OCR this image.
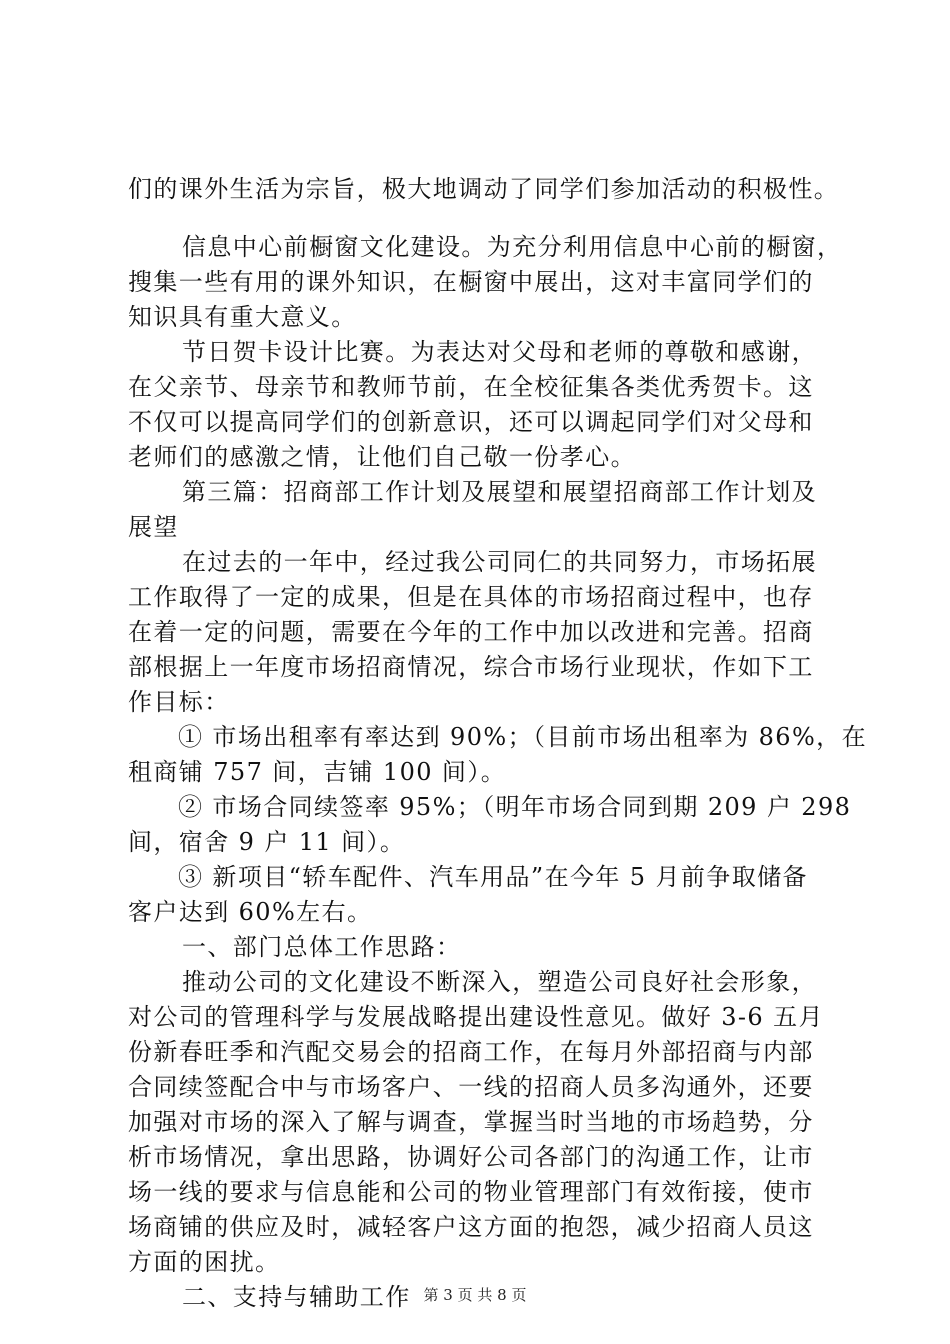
们的课外生活为宗旨，极大地调动了同学们参加活动的积极性。
信息中心前橱窗文化建设。为充分利用信息中心前的橱窗，
搜集一些有用的课外知识，在橱窗中展出，这对丰富同学们的
知识具有重大意义。
节日贺卡设计比赛。为表达对父母和老师的尊敬和感谢，
在父亲节、母亲节和教师节前，在全校征集各类优秀贺卡。这
不仅可以提高同学们的创新意识，还可以调起同学们对父母和
老师们的感激之情，让他们自己敬一份孝心。
第三篇：招商部工作计划及展望和展望招商部工作计划及
展望
在过去的一年中，经过我公司同仁的共同努力，市场拓展
工作取得了一定的成果，但是在具体的市场招商过程中，也存
在着一定的问题，需要在今年的工作中加以改进和完善。招商
部根据上一年度市场招商情况，综合市场行业现状，作如下工
作目标：
① 市场出租率有率达到 90%；（目前市场出租率为 86%，在
租商铺 757 间，吉铺 100 间）。
② 市场合同续签率 95%；（明年市场合同到期 209 户 298
间，宿舍 9 户 11 间）。
③ 新项目“轿车配件、汽车用品”在今年 5 月前争取储备
客户达到 60%左右。
一、部门总体工作思路：
推动公司的文化建设不断深入，塑造公司良好社会形象，
对公司的管理科学与发展战略提出建设性意见。做好 3-6 五月
份新春旺季和汽配交易会的招商工作，在每月外部招商与内部
合同续签配合中与市场客户、一线的招商人员多沟通外，还要
加强对市场的深入了解与调查，掌握当时当地的市场趋势，分
析市场情况，拿出思路，协调好公司各部门的沟通工作，让市
场一线的要求与信息能和公司的物业管理部门有效衔接，使市
场商铺的供应及时，减轻客户这方面的抱怨，减少招商人员这
方面的困扰。
二、支持与辅助工作 第 3 页 共 8 页
